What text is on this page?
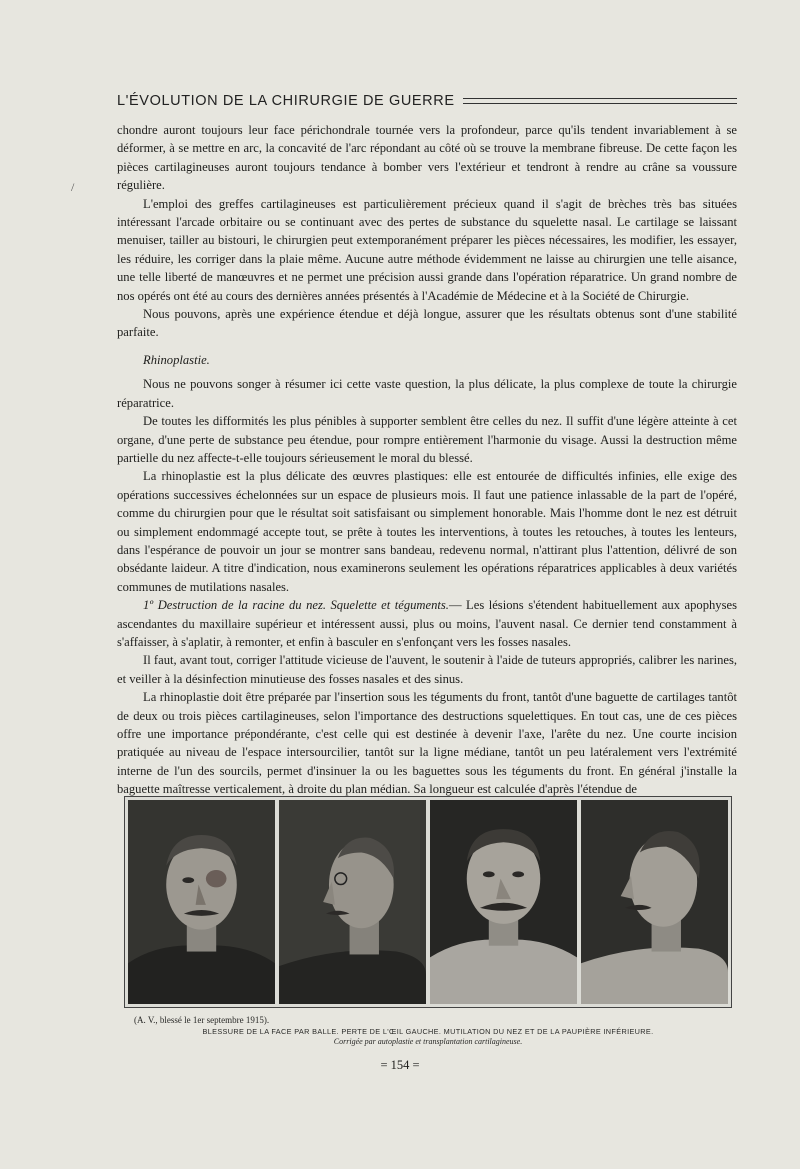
L'ÉVOLUTION DE LA CHIRURGIE DE GUERRE
/

chondre auront toujours leur face périchondrale tournée vers la profondeur, parce qu'ils tendent invariablement à se déformer, à se mettre en arc, la concavité de l'arc répondant au côté où se trouve la membrane fibreuse. De cette façon les pièces cartilagineuses auront toujours tendance à bomber vers l'extérieur et tendront à rendre au crâne sa voussure régulière.

L'emploi des greffes cartilagineuses est particulièrement précieux quand il s'agit de brèches très bas situées intéressant l'arcade orbitaire ou se continuant avec des pertes de substance du squelette nasal. Le cartilage se laissant menuiser, tailler au bistouri, le chirurgien peut extemporanément préparer les pièces nécessaires, les modifier, les essayer, les réduire, les corriger dans la plaie même. Aucune autre méthode évidemment ne laisse au chirurgien une telle aisance, une telle liberté de manœuvres et ne permet une précision aussi grande dans l'opération réparatrice. Un grand nombre de nos opérés ont été au cours des dernières années présentés à l'Académie de Médecine et à la Société de Chirurgie.

Nous pouvons, après une expérience étendue et déjà longue, assurer que les résultats obtenus sont d'une stabilité parfaite.

Rhinoplastie.

Nous ne pouvons songer à résumer ici cette vaste question, la plus délicate, la plus complexe de toute la chirurgie réparatrice.

De toutes les difformités les plus pénibles à supporter semblent être celles du nez. Il suffit d'une légère atteinte à cet organe, d'une perte de substance peu étendue, pour rompre entièrement l'harmonie du visage. Aussi la destruction même partielle du nez affecte-t-elle toujours sérieusement le moral du blessé.

La rhinoplastie est la plus délicate des œuvres plastiques: elle est entourée de difficultés infinies, elle exige des opérations successives échelonnées sur un espace de plusieurs mois. Il faut une patience inlassable de la part de l'opéré, comme du chirurgien pour que le résultat soit satisfaisant ou simplement honorable. Mais l'homme dont le nez est détruit ou simplement endommagé accepte tout, se prête à toutes les interventions, à toutes les retouches, à toutes les lenteurs, dans l'espérance de pouvoir un jour se montrer sans bandeau, redevenu normal, n'attirant plus l'attention, délivré de son obsédante laideur. A titre d'indication, nous examinerons seulement les opérations réparatrices applicables à deux variétés communes de mutilations nasales.

1º Destruction de la racine du nez. Squelette et téguments.— Les lésions s'étendent habituellement aux apophyses ascendantes du maxillaire supérieur et intéressent aussi, plus ou moins, l'auvent nasal. Ce dernier tend constamment à s'affaisser, à s'aplatir, à remonter, et enfin à basculer en s'enfonçant vers les fosses nasales.

Il faut, avant tout, corriger l'attitude vicieuse de l'auvent, le soutenir à l'aide de tuteurs appropriés, calibrer les narines, et veiller à la désinfection minutieuse des fosses nasales et des sinus.

La rhinoplastie doit être préparée par l'insertion sous les téguments du front, tantôt d'une baguette de cartilages tantôt de deux ou trois pièces cartilagineuses, selon l'importance des destructions squelettiques. En tout cas, une de ces pièces offre une importance prépondérante, c'est celle qui est destinée à devenir l'axe, l'arête du nez. Une courte incision pratiquée au niveau de l'espace intersourcilier, tantôt sur la ligne médiane, tantôt un peu latéralement vers l'extrémité interne de l'un des sourcils, permet d'insinuer la ou les baguettes sous les téguments du front. En général j'installe la baguette maîtresse verticalement, à droite du plan médian. Sa longueur est calculée d'après l'étendue de

(A. V., blessé le 1er septembre 1915).
BLESSURE DE LA FACE PAR BALLE. PERTE DE L'ŒIL GAUCHE. MUTILATION DU NEZ ET DE LA PAUPIÈRE INFÉRIEURE.
Corrigée par autoplastie et transplantation cartilagineuse.
= 154 =
